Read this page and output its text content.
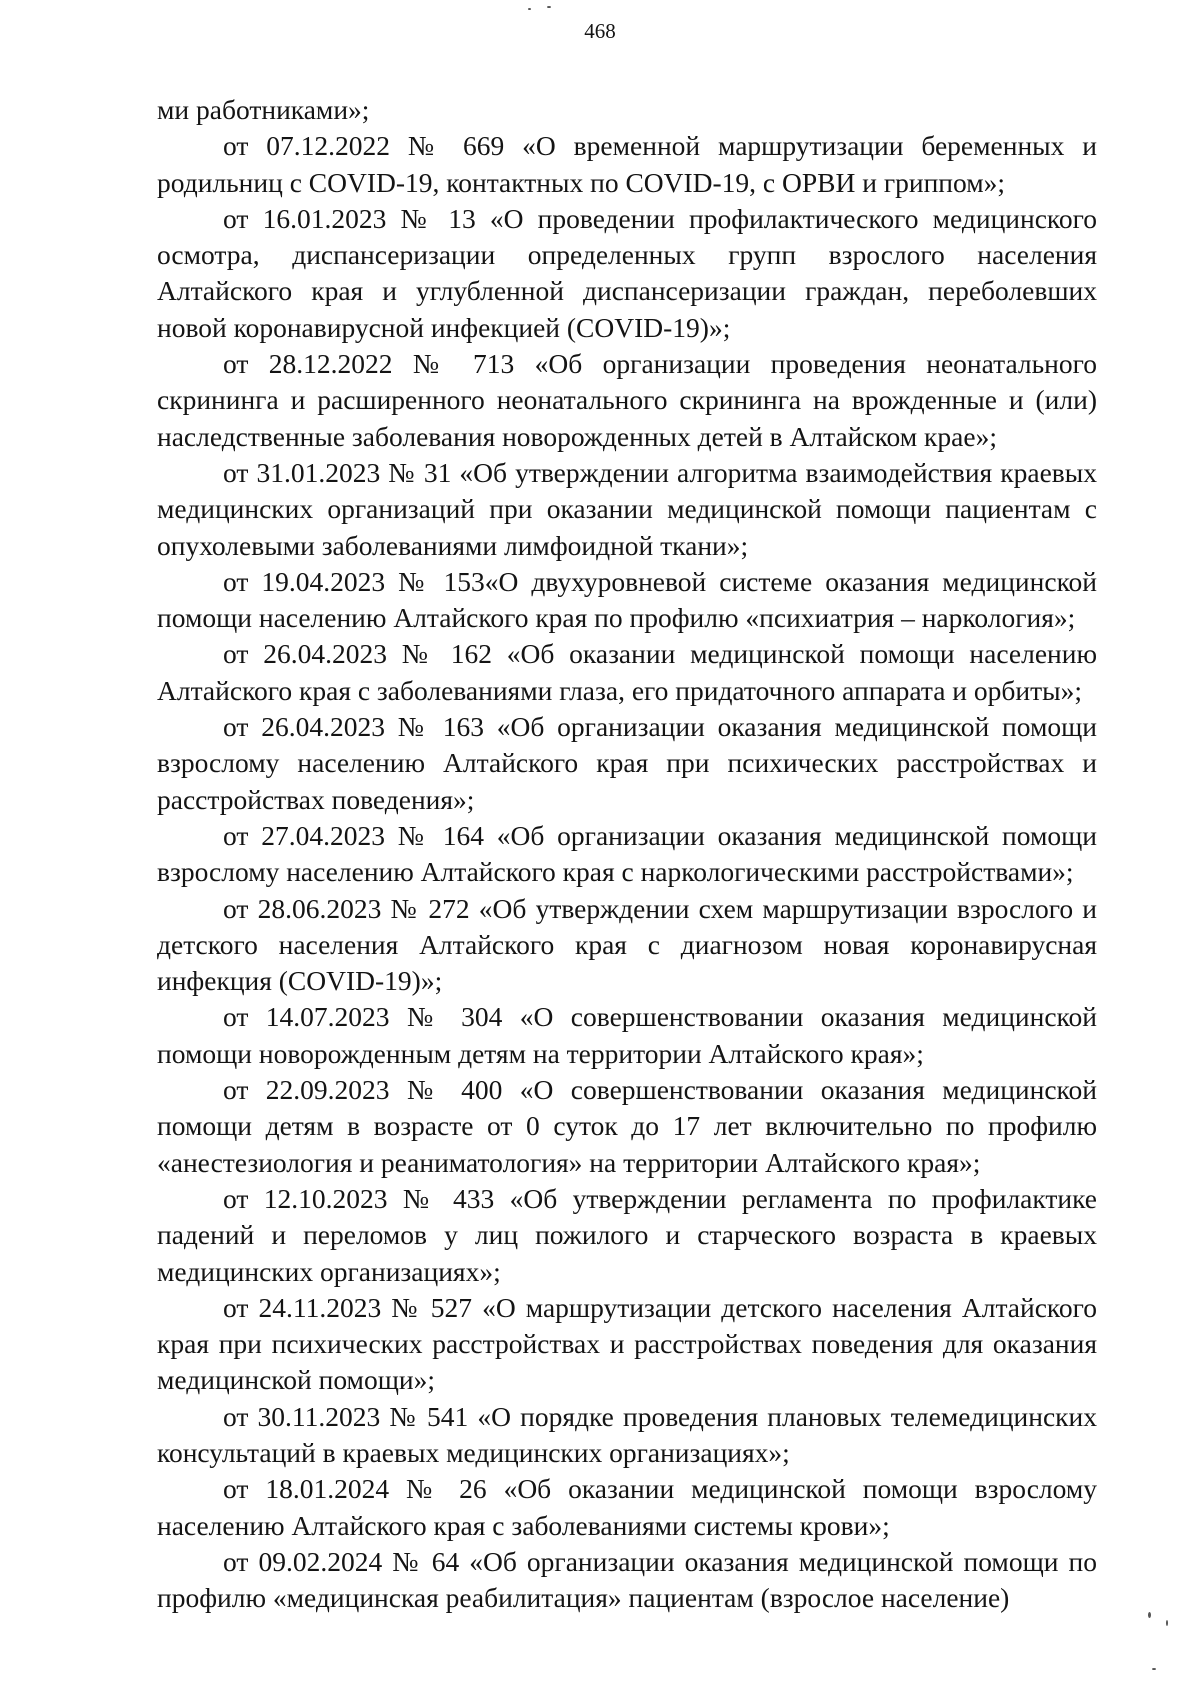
468

ми работниками»;

от 07.12.2022 № 669 «О временной маршрутизации беременных и родильниц с COVID-19, контактных по COVID-19, с ОРВИ и гриппом»;

от 16.01.2023 № 13 «О проведении профилактического медицинского осмотра, диспансеризации определенных групп взрослого населения Алтайского края и углубленной диспансеризации граждан, переболевших новой коронавирусной инфекцией (COVID-19)»;

от 28.12.2022 № 713 «Об организации проведения неонатального скрининга и расширенного неонатального скрининга на врожденные и (или) наследственные заболевания новорожденных детей в Алтайском крае»;

от 31.01.2023 № 31 «Об утверждении алгоритма взаимодействия краевых медицинских организаций при оказании медицинской помощи пациентам с опухолевыми заболеваниями лимфоидной ткани»;

от 19.04.2023 № 153«О двухуровневой системе оказания медицинской помощи населению Алтайского края по профилю «психиатрия – наркология»;

от 26.04.2023 № 162 «Об оказании медицинской помощи населению Алтайского края с заболеваниями глаза, его придаточного аппарата и орбиты»;

от 26.04.2023 № 163 «Об организации оказания медицинской помощи взрослому населению Алтайского края при психических расстройствах и расстройствах поведения»;

от 27.04.2023 № 164 «Об организации оказания медицинской помощи взрослому населению Алтайского края с наркологическими расстройствами»;

от 28.06.2023 № 272 «Об утверждении схем маршрутизации взрослого и детского населения Алтайского края с диагнозом новая коронавирусная инфекция (COVID-19)»;

от 14.07.2023 № 304 «О совершенствовании оказания медицинской помощи новорожденным детям на территории Алтайского края»;

от 22.09.2023 № 400 «О совершенствовании оказания медицинской помощи детям в возрасте от 0 суток до 17 лет включительно по профилю «анестезиология и реаниматология» на территории Алтайского края»;

от 12.10.2023 № 433 «Об утверждении регламента по профилактике падений и переломов у лиц пожилого и старческого возраста в краевых медицинских организациях»;

от 24.11.2023 № 527 «О маршрутизации детского населения Алтайского края при психических расстройствах и расстройствах поведения для оказания медицинской помощи»;

от 30.11.2023 № 541 «О порядке проведения плановых телемедицинских консультаций в краевых медицинских организациях»;

от 18.01.2024 № 26 «Об оказании медицинской помощи взрослому населению Алтайского края с заболеваниями системы крови»;

от 09.02.2024 № 64 «Об организации оказания медицинской помощи по профилю «медицинская реабилитация» пациентам (взрослое население)
